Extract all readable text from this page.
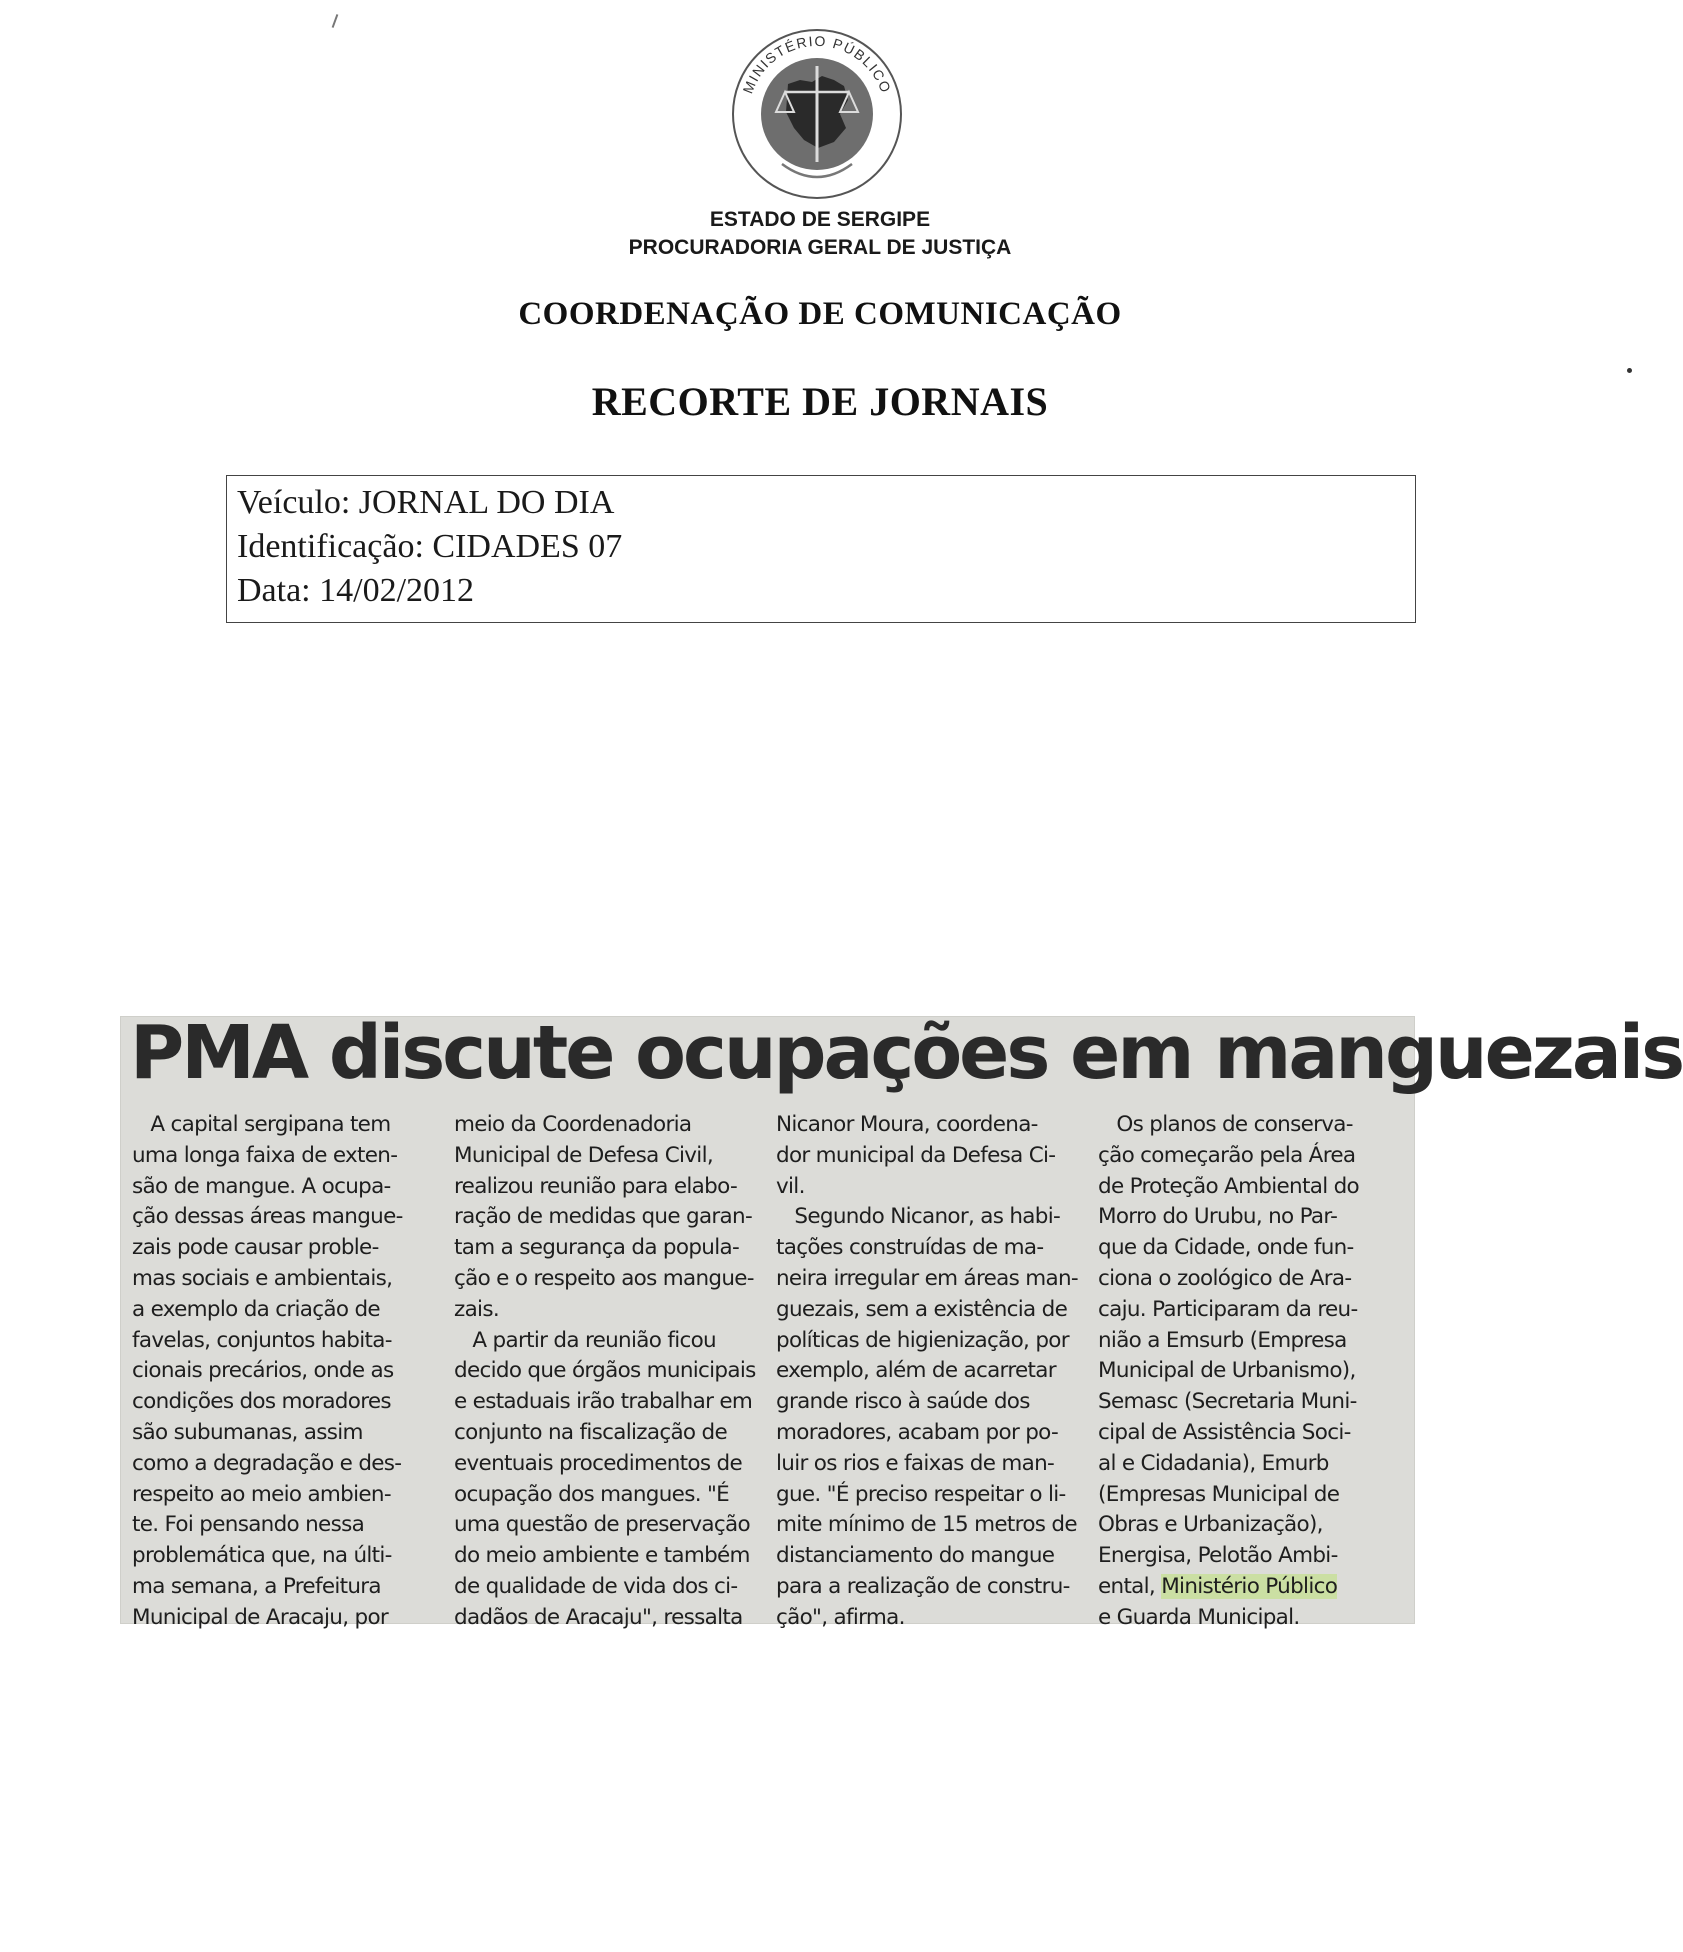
MINISTÉRIO PÚBLICO
ESTADO DE SERGIPE
PROCURADORIA GERAL DE JUSTIÇA
COORDENAÇÃO DE COMUNICAÇÃO
RECORTE DE JORNAIS
Veículo: JORNAL DO DIA
Identificação: CIDADES 07
Data: 14/02/2012
PMA discute ocupações em manguezais
A capital sergipana tem
uma longa faixa de exten-
são de mangue. A ocupa-
ção dessas áreas mangue-
zais pode causar proble-
mas sociais e ambientais,
a exemplo da criação de
favelas, conjuntos habita-
cionais precários, onde as
condições dos moradores
são subumanas, assim
como a degradação e des-
respeito ao meio ambien-
te. Foi pensando nessa
problemática que, na últi-
ma semana, a Prefeitura
Municipal de Aracaju, por
meio da Coordenadoria
Municipal de Defesa Civil,
realizou reunião para elabo-
ração de medidas que garan-
tam a segurança da popula-
ção e o respeito aos mangue-
zais.
A partir da reunião ficou
decido que órgãos municipais
e estaduais irão trabalhar em
conjunto na fiscalização de
eventuais procedimentos de
ocupação dos mangues. "É
uma questão de preservação
do meio ambiente e também
de qualidade de vida dos ci-
dadãos de Aracaju", ressalta
Nicanor Moura, coordena-
dor municipal da Defesa Ci-
vil.
Segundo Nicanor, as habi-
tações construídas de ma-
neira irregular em áreas man-
guezais, sem a existência de
políticas de higienização, por
exemplo, além de acarretar
grande risco à saúde dos
moradores, acabam por po-
luir os rios e faixas de man-
gue. "É preciso respeitar o li-
mite mínimo de 15 metros de
distanciamento do mangue
para a realização de constru-
ção", afirma.
Os planos de conserva-
ção começarão pela Área
de Proteção Ambiental do
Morro do Urubu, no Par-
que da Cidade, onde fun-
ciona o zoológico de Ara-
caju. Participaram da reu-
nião a Emsurb (Empresa
Municipal de Urbanismo),
Semasc (Secretaria Muni-
cipal de Assistência Soci-
al e Cidadania), Emurb
(Empresas Municipal de
Obras e Urbanização),
Energisa, Pelotão Ambi-
ental, Ministério Público
e Guarda Municipal.
